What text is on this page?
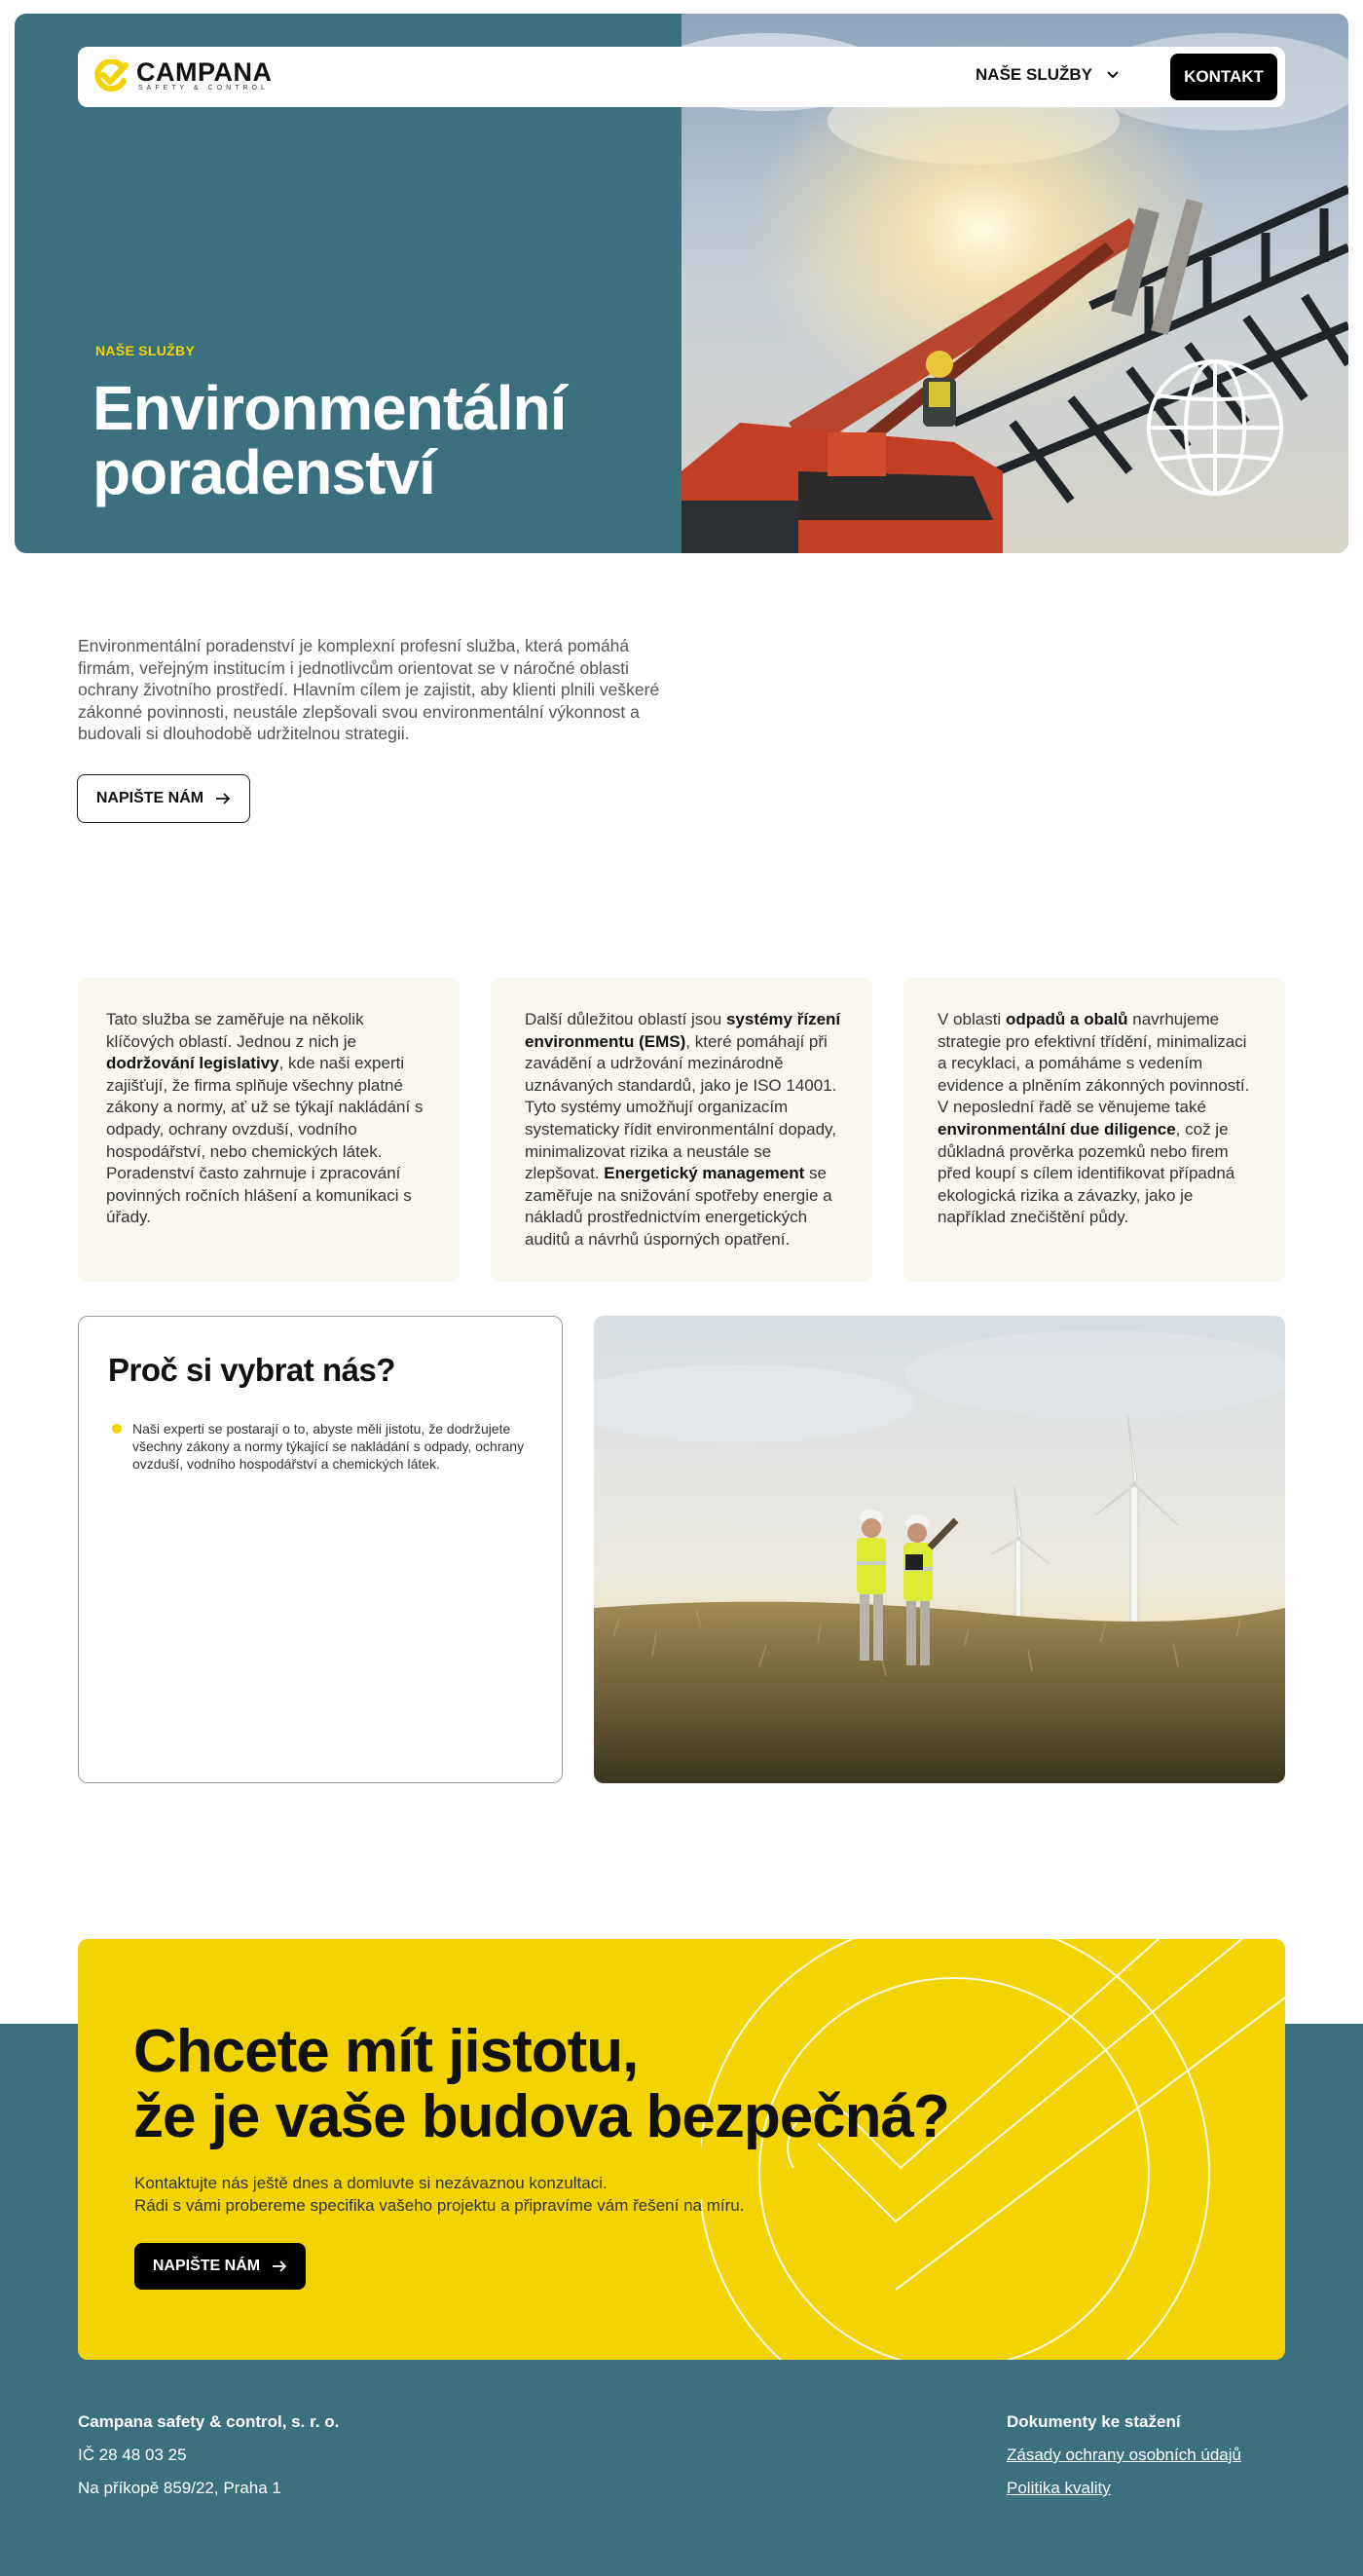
NAŠE SLUŽBY
Environmentální
poradenství
CAMPANA
SAFETY & CONTROL
NAŠE SLUŽBY	KONTAKT

Environmentální poradenství je komplexní profesní služba, která pomáhá firmám, veřejným institucím i jednotlivcům orientovat se v náročné oblasti ochrany životního prostředí. Hlavním cílem je zajistit, aby klienti plnili veškeré zákonné povinnosti, neustále zlepšovali svou environmentální výkonnost a budovali si dlouhodobě udržitelnou strategii.

NAPIŠTE NÁM
Tato služba se zaměřuje na několik klíčových oblastí. Jednou z nich je dodržování legislativy, kde naši experti zajišťují, že firma splňuje všechny platné zákony a normy, ať už se týkají nakládání s odpady, ochrany ovzduší, vodního hospodářství, nebo chemických látek. Poradenství často zahrnuje i zpracování povinných ročních hlášení a komunikaci s úřady.
Další důležitou oblastí jsou systémy řízení environmentu (EMS), které pomáhají při zavádění a udržování mezinárodně uznávaných standardů, jako je ISO 14001. Tyto systémy umožňují organizacím systematicky řídit environmentální dopady, minimalizovat rizika a neustále se zlepšovat. Energetický management se zaměřuje na snižování spotřeby energie a nákladů prostřednictvím energetických auditů a návrhů úsporných opatření.
V oblasti odpadů a obalů navrhujeme strategie pro efektivní třídění, minimalizaci a recyklaci, a pomáháme s vedením evidence a plněním zákonných povinností. V neposlední řadě se věnujeme také environmentální due diligence, což je důkladná prověrka pozemků nebo firem před koupí s cílem identifikovat případná ekologická rizika a závazky, jako je například znečištění půdy.
Proč si vybrat nás?

Naši experti se postarají o to, abyste měli jistotu, že dodržujete všechny zákony a normy týkající se nakládání s odpady, ochrany ovzduší, vodního hospodářství a chemických látek.

Chcete mít jistotu,
že je vaše budova bezpečná?

Kontaktujte nás ještě dnes a domluvte si nezávaznou konzultaci.
Rádi s vámi probereme specifika vašeho projektu a připravíme vám řešení na míru.

NAPIŠTE NÁM
Campana safety & control, s. r. o.
IČ 28 48 03 25
Na příkopě 859/22, Praha 1
Dokumenty ke stažení
Zásady ochrany osobních údajů
Politika kvality
